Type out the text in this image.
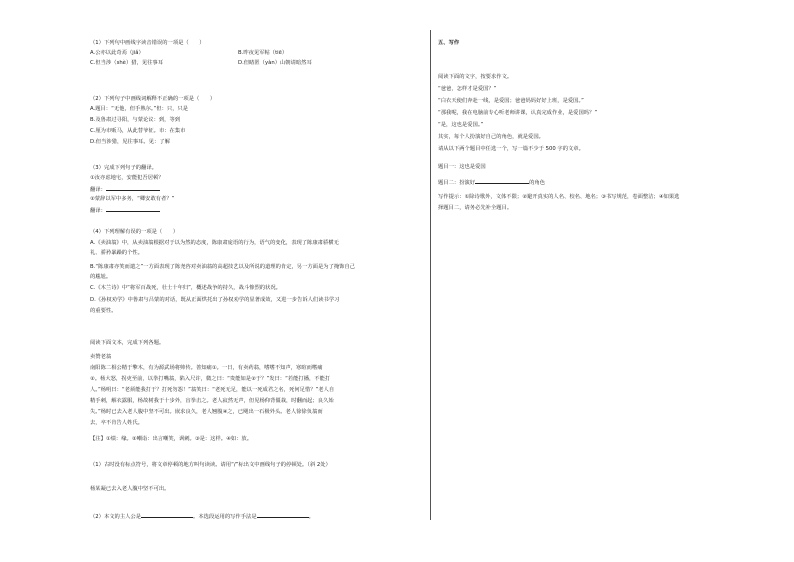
（1）下列句中画线字读音错误的一项是（　　）
A.公亦以此奇焉（jiǎ）	B.昨夜见军帖（tiē）
C.但当涉（shè）猎，见往事耳	D.但睹匿（yàn）山朝请暗然耳
（2）下列句子中画线词解释不正确的一项是（　　）
A.题目：“无他，但手熟尔。”但：只，只是
B.及鲁肃过寻阳，与蒙论议：到，等到
C.厘为市贩马，从此替爷征。市：在集市
D.但当涉猎，见往事耳。见：了解
（3）完成下列句子的翻译。
①汝亦虑地宅，安能犯吾居顿？
翻译：
②蒙辞以军中多务，“卿安敢有者？”
翻译：
（4）下列理解有误的一项是（　　）
A.《卖油翁》中，从卖油翁根据对于以为然的态度，陈康肃庞语的行为，语气的变化，表现了陈康肃骄横无
礼、骄矜暴躁的个性。
B.“陈康肃亦笑而遣之”一方面表现了陈尧咨对卖油翁的高超技艺以及所说的道理的肯定，另一方面是为了掩饰自己
的尴尬。
C.《木兰诗》中“将军百战死，壮士十年归”，概述战争的持久，战斗惨烈的状况。
D.《孙权劝学》中鲁肃与吕蒙的对话，既从正面烘托出了孙权劝学的显著成效，又进一步告诉人们读书学习
的重要性。
阅读下面文本，完成下列各题。
卖赞老翁
南阳陈二相公精于擎木，有为源武场将帅传。善知痛①。一日，有卖药翁，嗜嗜不知声，寒暄而嗜痛
②。杨大怒，拐吏至前，以拳打嘴翁，陷入尺许，微之曰：“贵能如是②于？”发曰：“若能打播，不能打
人。”杨明曰：“老须能我打于？打死勿怨！”翁笑曰：“老死无足，能以一死成君之名，死何足惜？”老人自
精手刺，解衣露服，杨故树我于十步外，盲拳击之。老人寂然无声，但见杨仰背僵栽，时翻而起；良久始
失。”杨时已去入老人腹中坚不可出。嵌求良久，老人翘腹④之，已飓出一石极外头。老人徐徐负翁而
去，卒不肯告人姓氏。
【注】①绩：缘。②嘲诣：出言嘲笑，讽刺。③是：这样。④如：放。
（1）古时没有标点符号，将文章停顿的地方叫句读读。请用“/”标出文中画线句子的停顿处。（斜 2处）
杨某凝已去入老人腹中坚不可出。
（2）本文的主人公是	。本选段运用的写作手法是	。
五、写作
阅读下面的文字，按要求作文。
“爸爸，怎样才是爱国？”
“白衣天使们奔赴一线，是爱国；爸爸妈妈好好上班，是爱国。”
“那我呢，我在电脑前专心听老师讲课，认真完成作业，是爱国吗？”
“是，这也是爱国。”
其实，每个人扮演好自己的角色，就是爱国。
请从以下两个题目中任选一个，写一篇不少于 500 字的文章。
题目一：这也是爱国
题目二：扮演好	的角色
写作提示：①除诗歌外，文体不限；②避开真实的人名、校名、地名；③书写规范，卷面整洁；④如果选
择题目二，请务必先补全题目。
